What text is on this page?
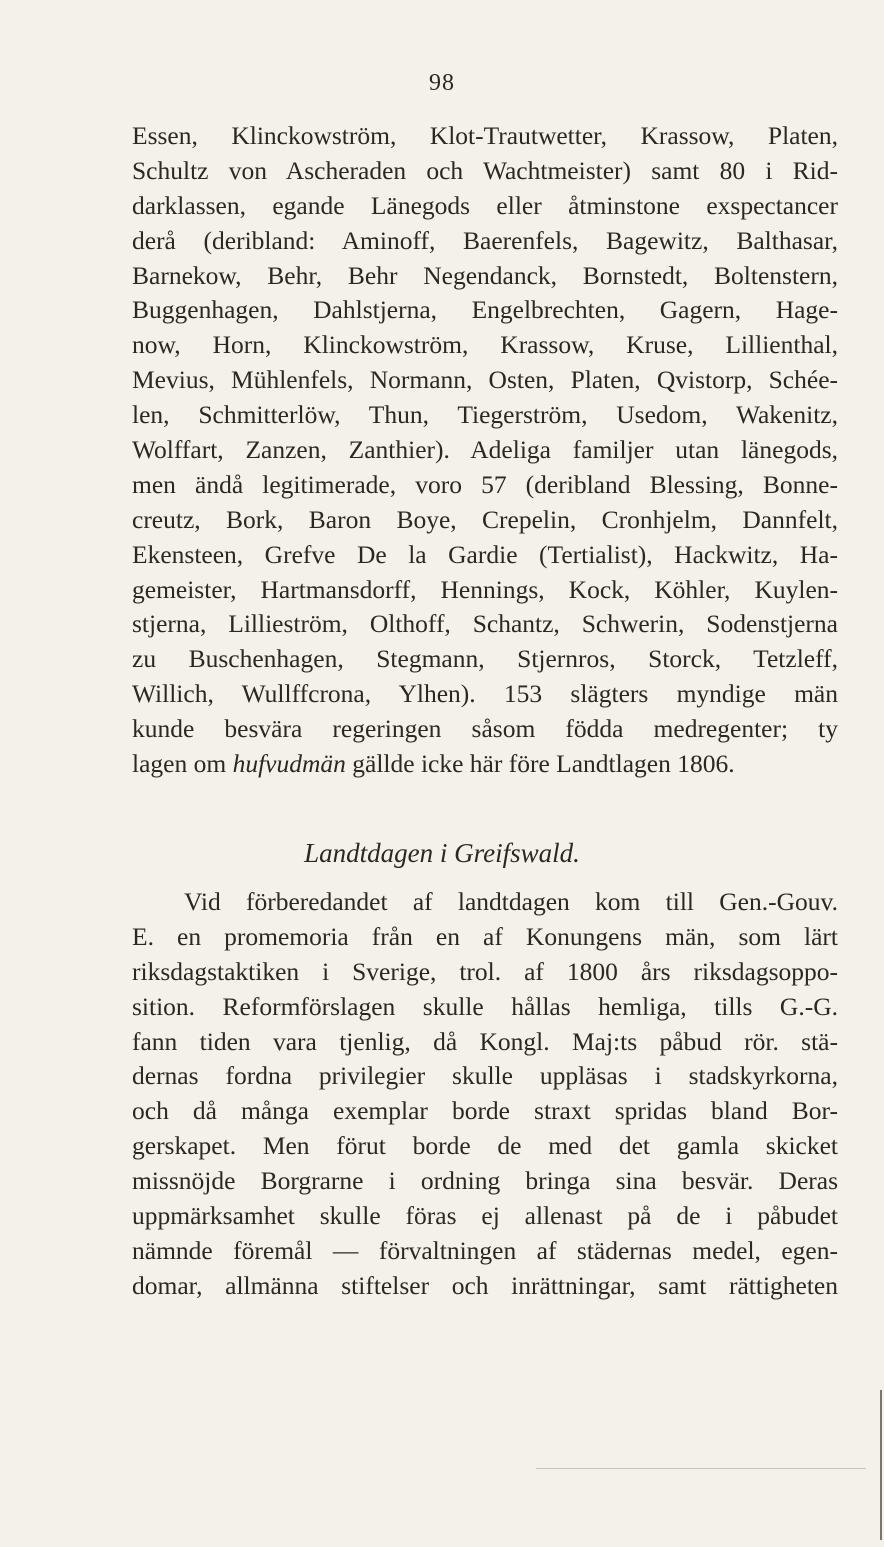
98
Essen, Klinckowström, Klot-Trautwetter, Krassow, Platen,
Schultz von Ascheraden och Wachtmeister) samt 80 i Rid-
darklassen, egande Länegods eller åtminstone exspectancer
derå (deribland: Aminoff, Baerenfels, Bagewitz, Balthasar,
Barnekow, Behr, Behr Negendanck, Bornstedt, Boltenstern,
Buggenhagen, Dahlstjerna, Engelbrechten, Gagern, Hage-
now, Horn, Klinckowström, Krassow, Kruse, Lillienthal,
Mevius, Mühlenfels, Normann, Osten, Platen, Qvistorp, Schée-
len, Schmitterlöw, Thun, Tiegerström, Usedom, Wakenitz,
Wolffart, Zanzen, Zanthier). Adeliga familjer utan länegods,
men ändå legitimerade, voro 57 (deribland Blessing, Bonne-
creutz, Bork, Baron Boye, Crepelin, Cronhjelm, Dannfelt,
Ekensteen, Grefve De la Gardie (Tertialist), Hackwitz, Ha-
gemeister, Hartmansdorff, Hennings, Kock, Köhler, Kuylen-
stjerna, Lillieström, Olthoff, Schantz, Schwerin, Sodenstjerna
zu Buschenhagen, Stegmann, Stjernros, Storck, Tetzleff,
Willich, Wullffcrona, Ylhen). 153 slägters myndige män
kunde besvära regeringen såsom födda medregenter; ty
lagen om hufvudmän gällde icke här före Landtlagen 1806.
Landtdagen i Greifswald.
Vid förberedandet af landtdagen kom till Gen.-Gouv.
E. en promemoria från en af Konungens män, som lärt
riksdagstaktiken i Sverige, trol. af 1800 års riksdagsoppo-
sition. Reformförslagen skulle hållas hemliga, tills G.-G.
fann tiden vara tjenlig, då Kongl. Maj:ts påbud rör. stä-
dernas fordna privilegier skulle uppläsas i stadskyrkorna,
och då många exemplar borde straxt spridas bland Bor-
gerskapet. Men förut borde de med det gamla skicket
missnöjde Borgrarne i ordning bringa sina besvär. Deras
uppmärksamhet skulle föras ej allenast på de i påbudet
nämnde föremål — förvaltningen af städernas medel, egen-
domar, allmänna stiftelser och inrättningar, samt rättigheten
